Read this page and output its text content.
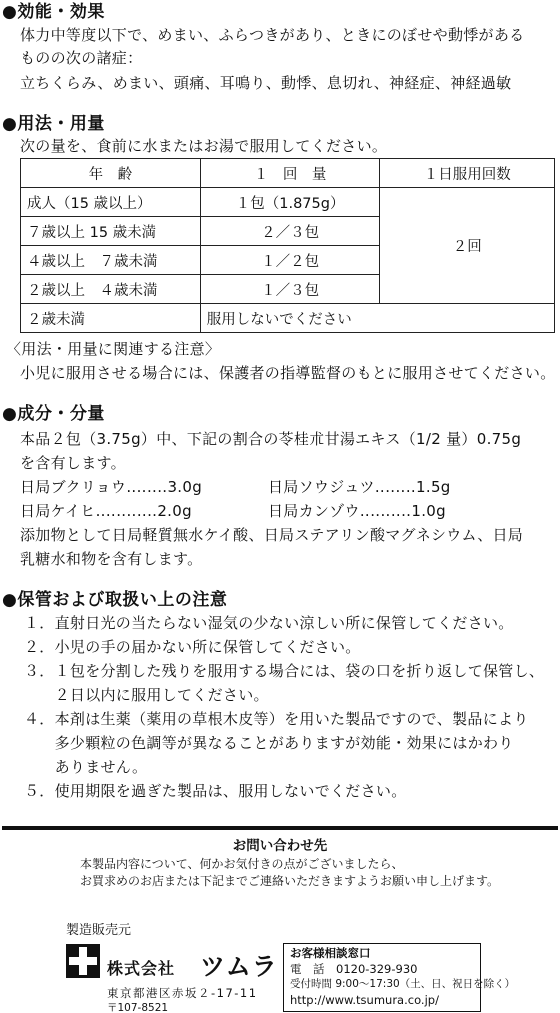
●効能・効果
体力中等度以下で、めまい、ふらつきがあり、ときにのぼせや動悸がある
ものの次の諸症：
立ちくらみ、めまい、頭痛、耳鳴り、動悸、息切れ、神経症、神経過敏
●用法・用量
次の量を、食前に水またはお湯で服用してください。
年　齢	１　回　量	１日服用回数
成人（15 歳以上）	１包（1.875g）	２回
７歳以上 15 歳未満	２／３包	
４歳以上　７歳未満	１／２包	
２歳以上　４歳未満	１／３包	
２歳未満	服用しないでください	
〈用法・用量に関連する注意〉
小児に服用させる場合には、保護者の指導監督のもとに服用させてください。
●成分・分量
本品２包（3.75g）中、下記の割合の苓桂朮甘湯エキス（1/2 量）0.75g
を含有します。
日局ブクリョウ‥‥‥‥3.0g	日局ソウジュツ‥‥‥‥1.5g
日局ケイヒ‥‥‥‥‥‥2.0g	日局カンゾウ‥‥‥‥‥1.0g
添加物として日局軽質無水ケイ酸、日局ステアリン酸マグネシウム、日局
乳糖水和物を含有します。
●保管および取扱い上の注意
１．直射日光の当たらない湿気の少ない涼しい所に保管してください。
２．小児の手の届かない所に保管してください。
３．１包を分割した残りを服用する場合には、袋の口を折り返して保管し、
　　２日以内に服用してください。
４．本剤は生薬（薬用の草根木皮等）を用いた製品ですので、製品により
　　多少顆粒の色調等が異なることがありますが効能・効果にはかわり
　　ありません。
５．使用期限を過ぎた製品は、服用しないでください。
お問い合わせ先
本製品内容について、何かお気付きの点がございましたら、
お買求めのお店または下記までご連絡いただきますようお願い申し上げます。
製造販売元
株式会社 ツムラ
東京都港区赤坂２-17-11
〒107-8521
お客様相談窓口
電　話　0120-329-930
受付時間 9:00〜17:30（土、日、祝日を除く）
http://www.tsumura.co.jp/
